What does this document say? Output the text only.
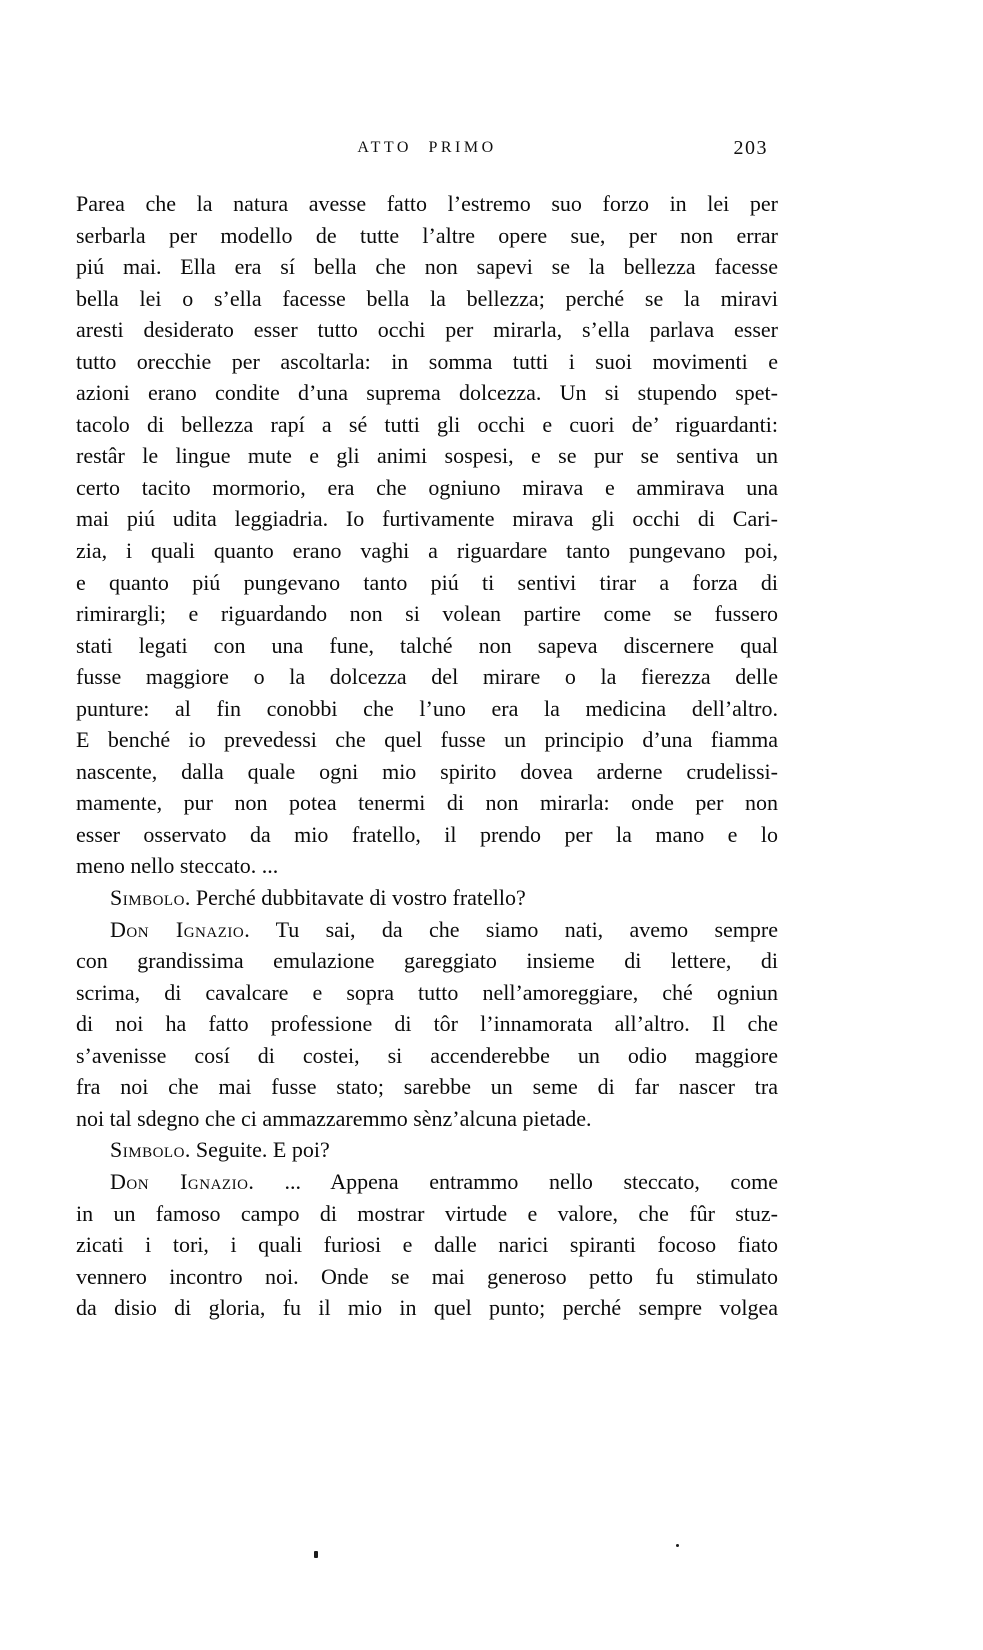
ATTO PRIMO	203
Parea che la natura avesse fatto l’estremo suo forzo in lei per
serbarla per modello de tutte l’altre opere sue, per non errar
piú mai. Ella era sí bella che non sapevi se la bellezza facesse
bella lei o s’ella facesse bella la bellezza; perché se la miravi
aresti desiderato esser tutto occhi per mirarla, s’ella parlava esser
tutto orecchie per ascoltarla: in somma tutti i suoi movimenti e
azioni erano condite d’una suprema dolcezza. Un si stupendo spet-
tacolo di bellezza rapí a sé tutti gli occhi e cuori de’ riguardanti:
restâr le lingue mute e gli animi sospesi, e se pur se sentiva un
certo tacito mormorio, era che ogniuno mirava e ammirava una
mai piú udita leggiadria. Io furtivamente mirava gli occhi di Cari-
zia, i quali quanto erano vaghi a riguardare tanto pungevano poi,
e quanto piú pungevano tanto piú ti sentivi tirar a forza di
rimirargli; e riguardando non si volean partire come se fussero
stati legati con una fune, talché non sapeva discernere qual
fusse maggiore o la dolcezza del mirare o la fierezza delle
punture: al fin conobbi che l’uno era la medicina dell’altro.
E benché io prevedessi che quel fusse un principio d’una fiamma
nascente, dalla quale ogni mio spirito dovea arderne crudelissi-
mamente, pur non potea tenermi di non mirarla: onde per non
esser osservato da mio fratello, il prendo per la mano e lo
meno nello steccato. ...
Simbolo. Perché dubbitavate di vostro fratello?
Don Ignazio. Tu sai, da che siamo nati, avemo sempre
con grandissima emulazione gareggiato insieme di lettere, di
scrima, di cavalcare e sopra tutto nell’amoreggiare, ché ogniun
di noi ha fatto professione di tôr l’innamorata all’altro. Il che
s’avenisse cosí di costei, si accenderebbe un odio maggiore
fra noi che mai fusse stato; sarebbe un seme di far nascer tra
noi tal sdegno che ci ammazzaremmo sènz’alcuna pietade.
Simbolo. Seguite. E poi?
Don Ignazio. ... Appena entrammo nello steccato, come
in un famoso campo di mostrar virtude e valore, che fûr stuz-
zicati i tori, i quali furiosi e dalle narici spiranti focoso fiato
vennero incontro noi. Onde se mai generoso petto fu stimulato
da disio di gloria, fu il mio in quel punto; perché sempre volgea
